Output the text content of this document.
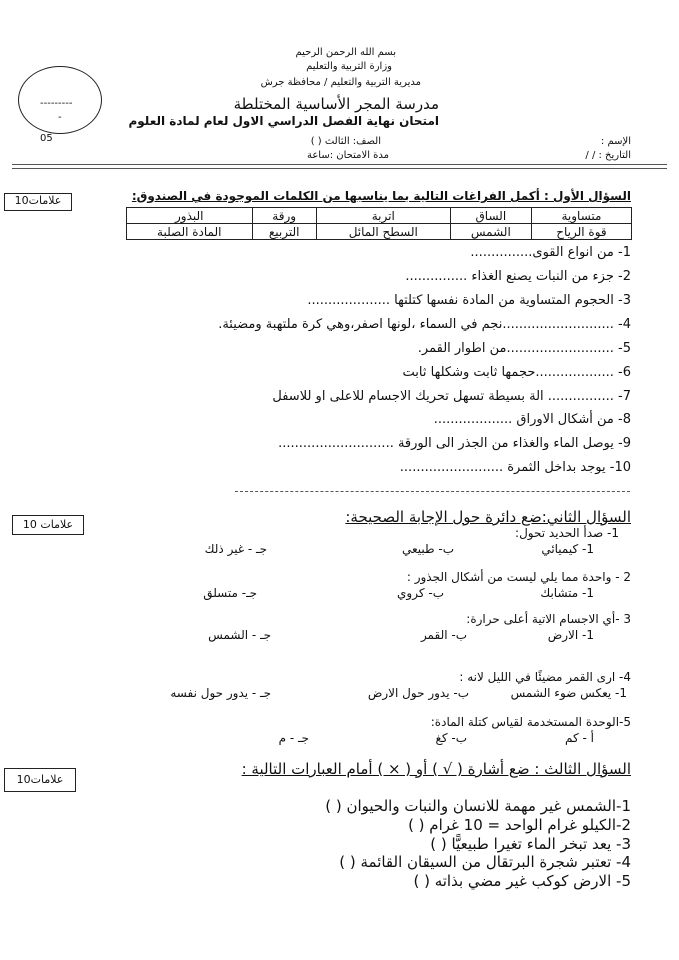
بسم الله الرحمن الرحيم
وزارة التربية والتعليم
مديرية التربية والتعليم / محافظة جرش
مدرسة المجر الأساسية المختلطة
امتحان نهاية الفصل الدراسي الاول لعام لمادة العلوم
الصف: الثالث ( )	الإسم :
التاريخ : / /
مدة الامتحان :ساعة
---------
-
05
10علامات	السؤال الأول : أكمل الفراغات التالية بما يناسبها من الكلمات الموجودة في الصندوق:
متساوية	الساق	اتربة	ورقة	البذور
قوة الرياح	الشمس	السطح المائل	التربيع	المادة الصلبة
1- من انواع القوى...............
2- جزء من النبات يصنع الغذاء ...............
3- الحجوم المتساوية من المادة نفسها كتلتها ....................
4- ...........................نجم في السماء ،لونها اصفر،وهي كرة ملتهبة ومضيئة.
5- ..........................من اطوار القمر.
6- ...................حجمها ثابت وشكلها ثابت
7- ................ الة بسيطة تسهل تحريك الاجسام للاعلى او للاسفل
8- من أشكال الاوراق ...................
9- يوصل الماء والغذاء من الجذر الى الورقة ............................
10- يوجد بداخل الثمرة .........................
10 علامات	السؤال الثاني:ضع دائرة حول الإجابة الصحيحة:
1- صدأ الحديد تحول:
1- كيميائي
ب- طبيعي
جـ - غير ذلك
2 - واحدة مما يلي ليست من أشكال الجذور :
1- متشابك
ب- كروي
جـ- متسلق
3 -أي الاجسام الاتية أعلى حرارة:
1- الارض
ب- القمر
جـ - الشمس
4- ارى القمر مضيئًا في الليل لانه :
1- يعكس ضوء الشمس
ب- يدور حول الارض
جـ - يدور حول نفسه
5-الوحدة المستخدمة لقياس كتلة المادة:
أ - كم
ب- كغ
جـ - م
10علامات
السؤال الثالث : ضع أشارة ( √ ) أو ( × ) أمام العبارات التالية :
1-الشمس غير مهمة للانسان والنبات والحيوان ( )
2-الكيلو غرام الواحد = 10 غرام ( )
3- يعد تبخر الماء تغيرا طبيعيًّا ( )
4- تعتبر شجرة البرتقال من السيقان القائمة ( )
5- الارض كوكب غير مضي بذاته ( )
